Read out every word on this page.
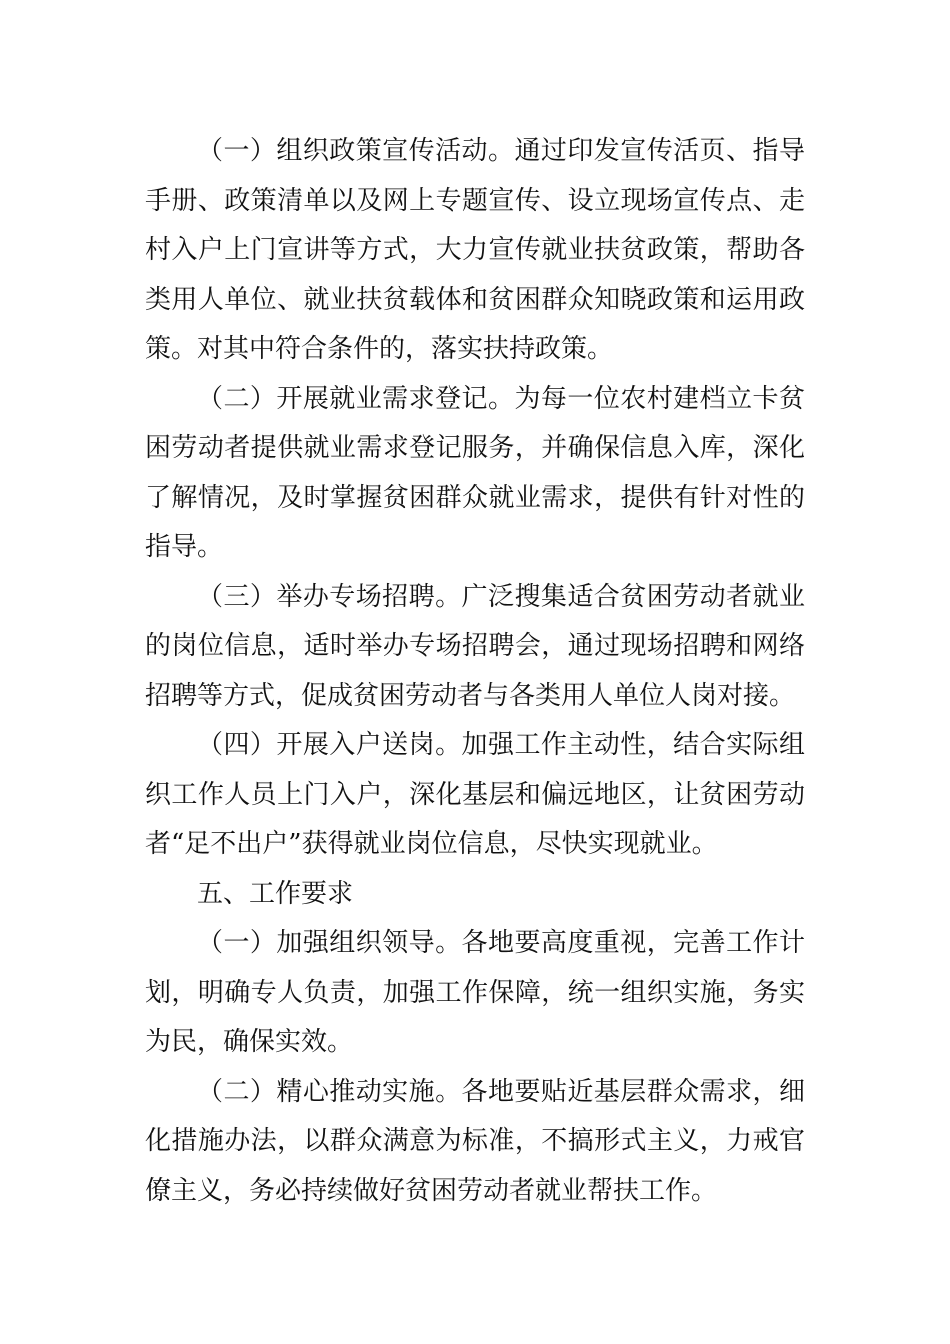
（一）组织政策宣传活动。通过印发宣传活页、指导手册、政策清单以及网上专题宣传、设立现场宣传点、走村入户上门宣讲等方式，大力宣传就业扶贫政策，帮助各类用人单位、就业扶贫载体和贫困群众知晓政策和运用政策。对其中符合条件的，落实扶持政策。

（二）开展就业需求登记。为每一位农村建档立卡贫困劳动者提供就业需求登记服务，并确保信息入库，深化了解情况，及时掌握贫困群众就业需求，提供有针对性的指导。

（三）举办专场招聘。广泛搜集适合贫困劳动者就业的岗位信息，适时举办专场招聘会，通过现场招聘和网络招聘等方式，促成贫困劳动者与各类用人单位人岗对接。

（四）开展入户送岗。加强工作主动性，结合实际组织工作人员上门入户，深化基层和偏远地区，让贫困劳动者“足不出户”获得就业岗位信息，尽快实现就业。

五、工作要求

（一）加强组织领导。各地要高度重视，完善工作计划，明确专人负责，加强工作保障，统一组织实施，务实为民，确保实效。

（二）精心推动实施。各地要贴近基层群众需求，细化措施办法，以群众满意为标准，不搞形式主义，力戒官僚主义，务必持续做好贫困劳动者就业帮扶工作。
